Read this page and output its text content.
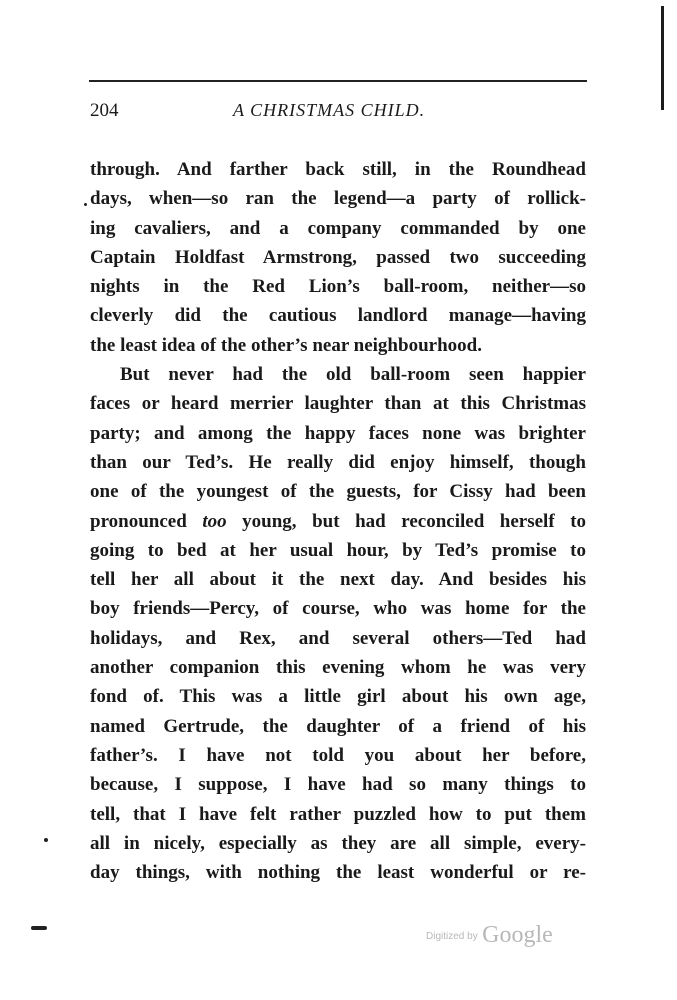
204	A CHRISTMAS CHILD.
through. And farther back still, in the Roundhead
days, when—so ran the legend—a party of rollick-
ing cavaliers, and a company commanded by one
Captain Holdfast Armstrong, passed two succeeding
nights in the Red Lion’s ball-room, neither—so
cleverly did the cautious landlord manage—having
the least idea of the other’s near neighbourhood.
But never had the old ball-room seen happier
faces or heard merrier laughter than at this Christmas
party; and among the happy faces none was brighter
than our Ted’s. He really did enjoy himself, though
one of the youngest of the guests, for Cissy had been
pronounced too young, but had reconciled herself to
going to bed at her usual hour, by Ted’s promise to
tell her all about it the next day. And besides his
boy friends—Percy, of course, who was home for the
holidays, and Rex, and several others—Ted had
another companion this evening whom he was very
fond of. This was a little girl about his own age,
named Gertrude, the daughter of a friend of his
father’s. I have not told you about her before,
because, I suppose, I have had so many things to
tell, that I have felt rather puzzled how to put them
all in nicely, especially as they are all simple, every-
day things, with nothing the least wonderful or re-
Digitized by Google
